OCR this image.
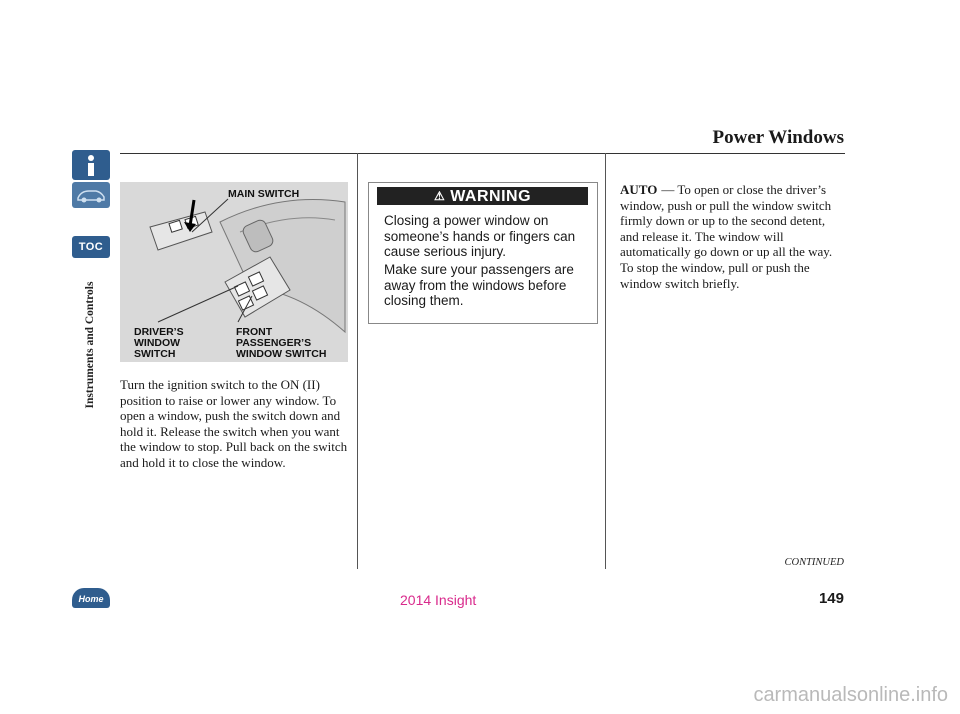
TOC
Home
Instruments and Controls
Power Windows
MAIN SWITCH
DRIVER’S
WINDOW
SWITCH
FRONT
PASSENGER’S
WINDOW SWITCH
Turn the ignition switch to the ON (II) position to raise or lower any window. To open a window, push the switch down and hold it. Release the switch when you want the window to stop. Pull back on the switch and hold it to close the window.
⚠ WARNING
Closing a power window on someone’s hands or fingers can cause serious injury.
Make sure your passengers are away from the windows before closing them.
AUTO — To open or close the driver’s window, push or pull the window switch firmly down or up to the second detent, and release it. The window will automatically go down or up all the way. To stop the window, pull or push the window switch briefly.
CONTINUED
2014 Insight	149
carmanualsonline.info
